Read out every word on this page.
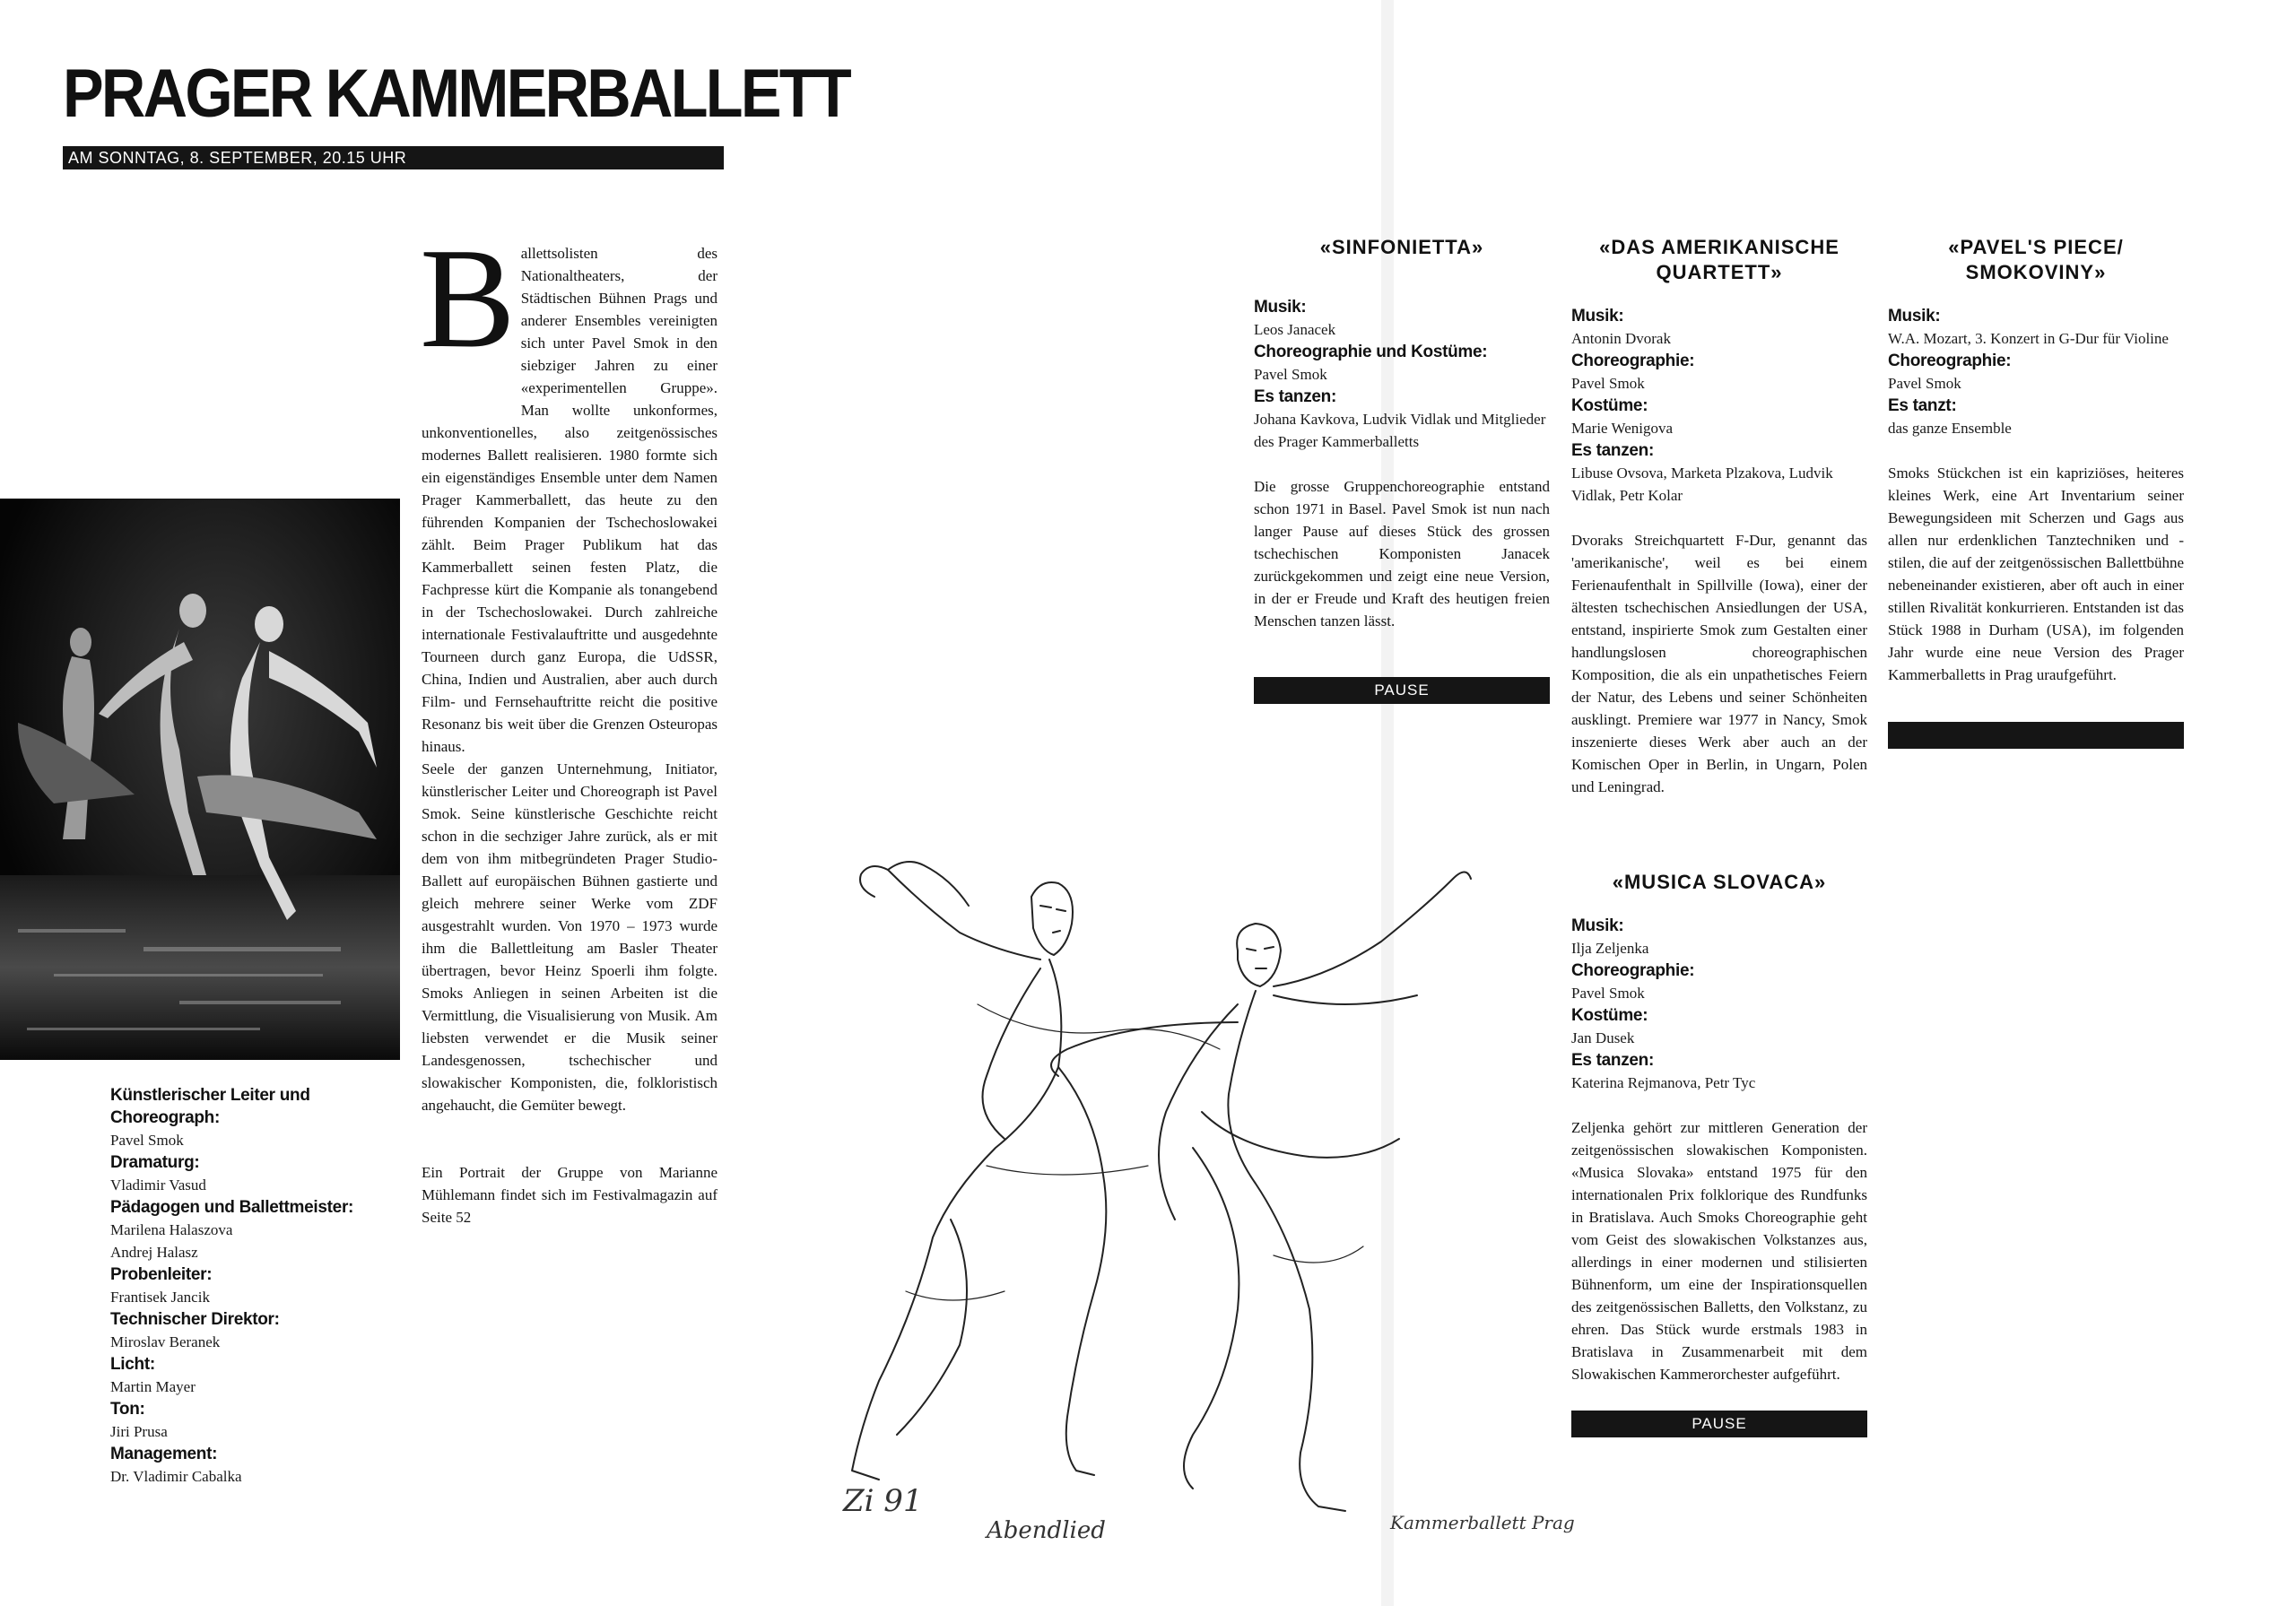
PRAGER KAMMERBALLETT
AM SONNTAG, 8. SEPTEMBER, 20.15 UHR
B allettsolisten des Nationaltheaters, der Städtischen Bühnen Prags und anderer Ensembles vereinigten sich unter Pavel Smok in den siebziger Jahren zu einer «experimentellen Gruppe». Man wollte unkonformes, unkonventionelles, also zeitgenössisches modernes Ballett realisieren. 1980 formte sich ein eigenständiges Ensemble unter dem Namen Prager Kammerballett, das heute zu den führenden Kompanien der Tschechoslowakei zählt. Beim Prager Publikum hat das Kammerballett seinen festen Platz, die Fachpresse kürt die Kompanie als tonangebend in der Tschechoslowakei. Durch zahlreiche internationale Festivalauftritte und ausgedehnte Tourneen durch ganz Europa, die UdSSR, China, Indien und Australien, aber auch durch Film- und Fernsehauftritte reicht die positive Resonanz bis weit über die Grenzen Osteuropas hinaus.

Seele der ganzen Unternehmung, Initiator, künstlerischer Leiter und Choreograph ist Pavel Smok. Seine künstlerische Geschichte reicht schon in die sechziger Jahre zurück, als er mit dem von ihm mitbegründeten Prager Studio-Ballett auf europäischen Bühnen gastierte und gleich mehrere seiner Werke vom ZDF ausgestrahlt wurden. Von 1970 – 1973 wurde ihm die Ballettleitung am Basler Theater übertragen, bevor Heinz Spoerli ihm folgte. Smoks Anliegen in seinen Arbeiten ist die Vermittlung, die Visualisierung von Musik. Am liebsten verwendet er die Musik seiner Landesgenossen, tschechischer und slowakischer Komponisten, die, folkloristisch angehaucht, die Gemüter bewegt.

Ein Portrait der Gruppe von Marianne Mühlemann findet sich im Festivalmagazin auf Seite 52

Künstlerischer Leiter und Choreograph:
Pavel Smok
Dramaturg:
Vladimir Vasud
Pädagogen und Ballettmeister:
Marilena Halaszova
Andrej Halasz
Probenleiter:
Frantisek Jancik
Technischer Direktor:
Miroslav Beranek
Licht:
Martin Mayer
Ton:
Jiri Prusa
Management:
Dr. Vladimir Cabalka
«SINFONIETTA»
Musik:
Leos Janacek
Choreographie und Kostüme:
Pavel Smok
Es tanzen:
Johana Kavkova, Ludvik Vidlak und Mitglieder des Prager Kammerballetts

Die grosse Gruppenchoreographie entstand schon 1971 in Basel. Pavel Smok ist nun nach langer Pause auf dieses Stück des grossen tschechischen Komponisten Janacek zurückgekommen und zeigt eine neue Version, in der er Freude und Kraft des heutigen freien Menschen tanzen lässt.

PAUSE
«DAS AMERIKANISCHE QUARTETT»
Musik:
Antonin Dvorak
Choreographie:
Pavel Smok
Kostüme:
Marie Wenigova
Es tanzen:
Libuse Ovsova, Marketa Plzakova, Ludvik Vidlak, Petr Kolar

Dvoraks Streichquartett F-Dur, genannt das 'amerikanische', weil es bei einem Ferienaufenthalt in Spillville (Iowa), einer der ältesten tschechischen Ansiedlungen der USA, entstand, inspirierte Smok zum Gestalten einer handlungslosen choreographischen Komposition, die als ein unpathetisches Feiern der Natur, des Lebens und seiner Schönheiten ausklingt. Premiere war 1977 in Nancy, Smok inszenierte dieses Werk aber auch an der Komischen Oper in Berlin, in Ungarn, Polen und Leningrad.

«MUSICA SLOVACA»
Musik:
Ilja Zeljenka
Choreographie:
Pavel Smok
Kostüme:
Jan Dusek
Es tanzen:
Katerina Rejmanova, Petr Tyc

Zeljenka gehört zur mittleren Generation der zeitgenössischen slowakischen Komponisten. «Musica Slovaka» entstand 1975 für den internationalen Prix folklorique des Rundfunks in Bratislava. Auch Smoks Choreographie geht vom Geist des slowakischen Volkstanzes aus, allerdings in einer modernen und stilisierten Bühnenform, um eine der Inspirationsquellen des zeitgenössischen Balletts, den Volkstanz, zu ehren. Das Stück wurde erstmals 1983 in Bratislava in Zusammenarbeit mit dem Slowakischen Kammerorchester aufgeführt.

PAUSE
«PAVEL'S PIECE/ SMOKOVINY»
Musik:
W.A. Mozart, 3. Konzert in G-Dur für Violine
Choreographie:
Pavel Smok
Es tanzt:
das ganze Ensemble

Smoks Stückchen ist ein kapriziöses, heiteres kleines Werk, eine Art Inventarium seiner Bewegungsideen mit Scherzen und Gags aus allen nur erdenklichen Tanztechniken und -stilen, die auf der zeitgenössischen Ballettbühne nebeneinander existieren, aber oft auch in einer stillen Rivalität konkurrieren. Entstanden ist das Stück 1988 in Durham (USA), im folgenden Jahr wurde eine neue Version des Prager Kammerballetts in Prag uraufgeführt.

Zi 91
Abendlied	Kammerballett Prag
